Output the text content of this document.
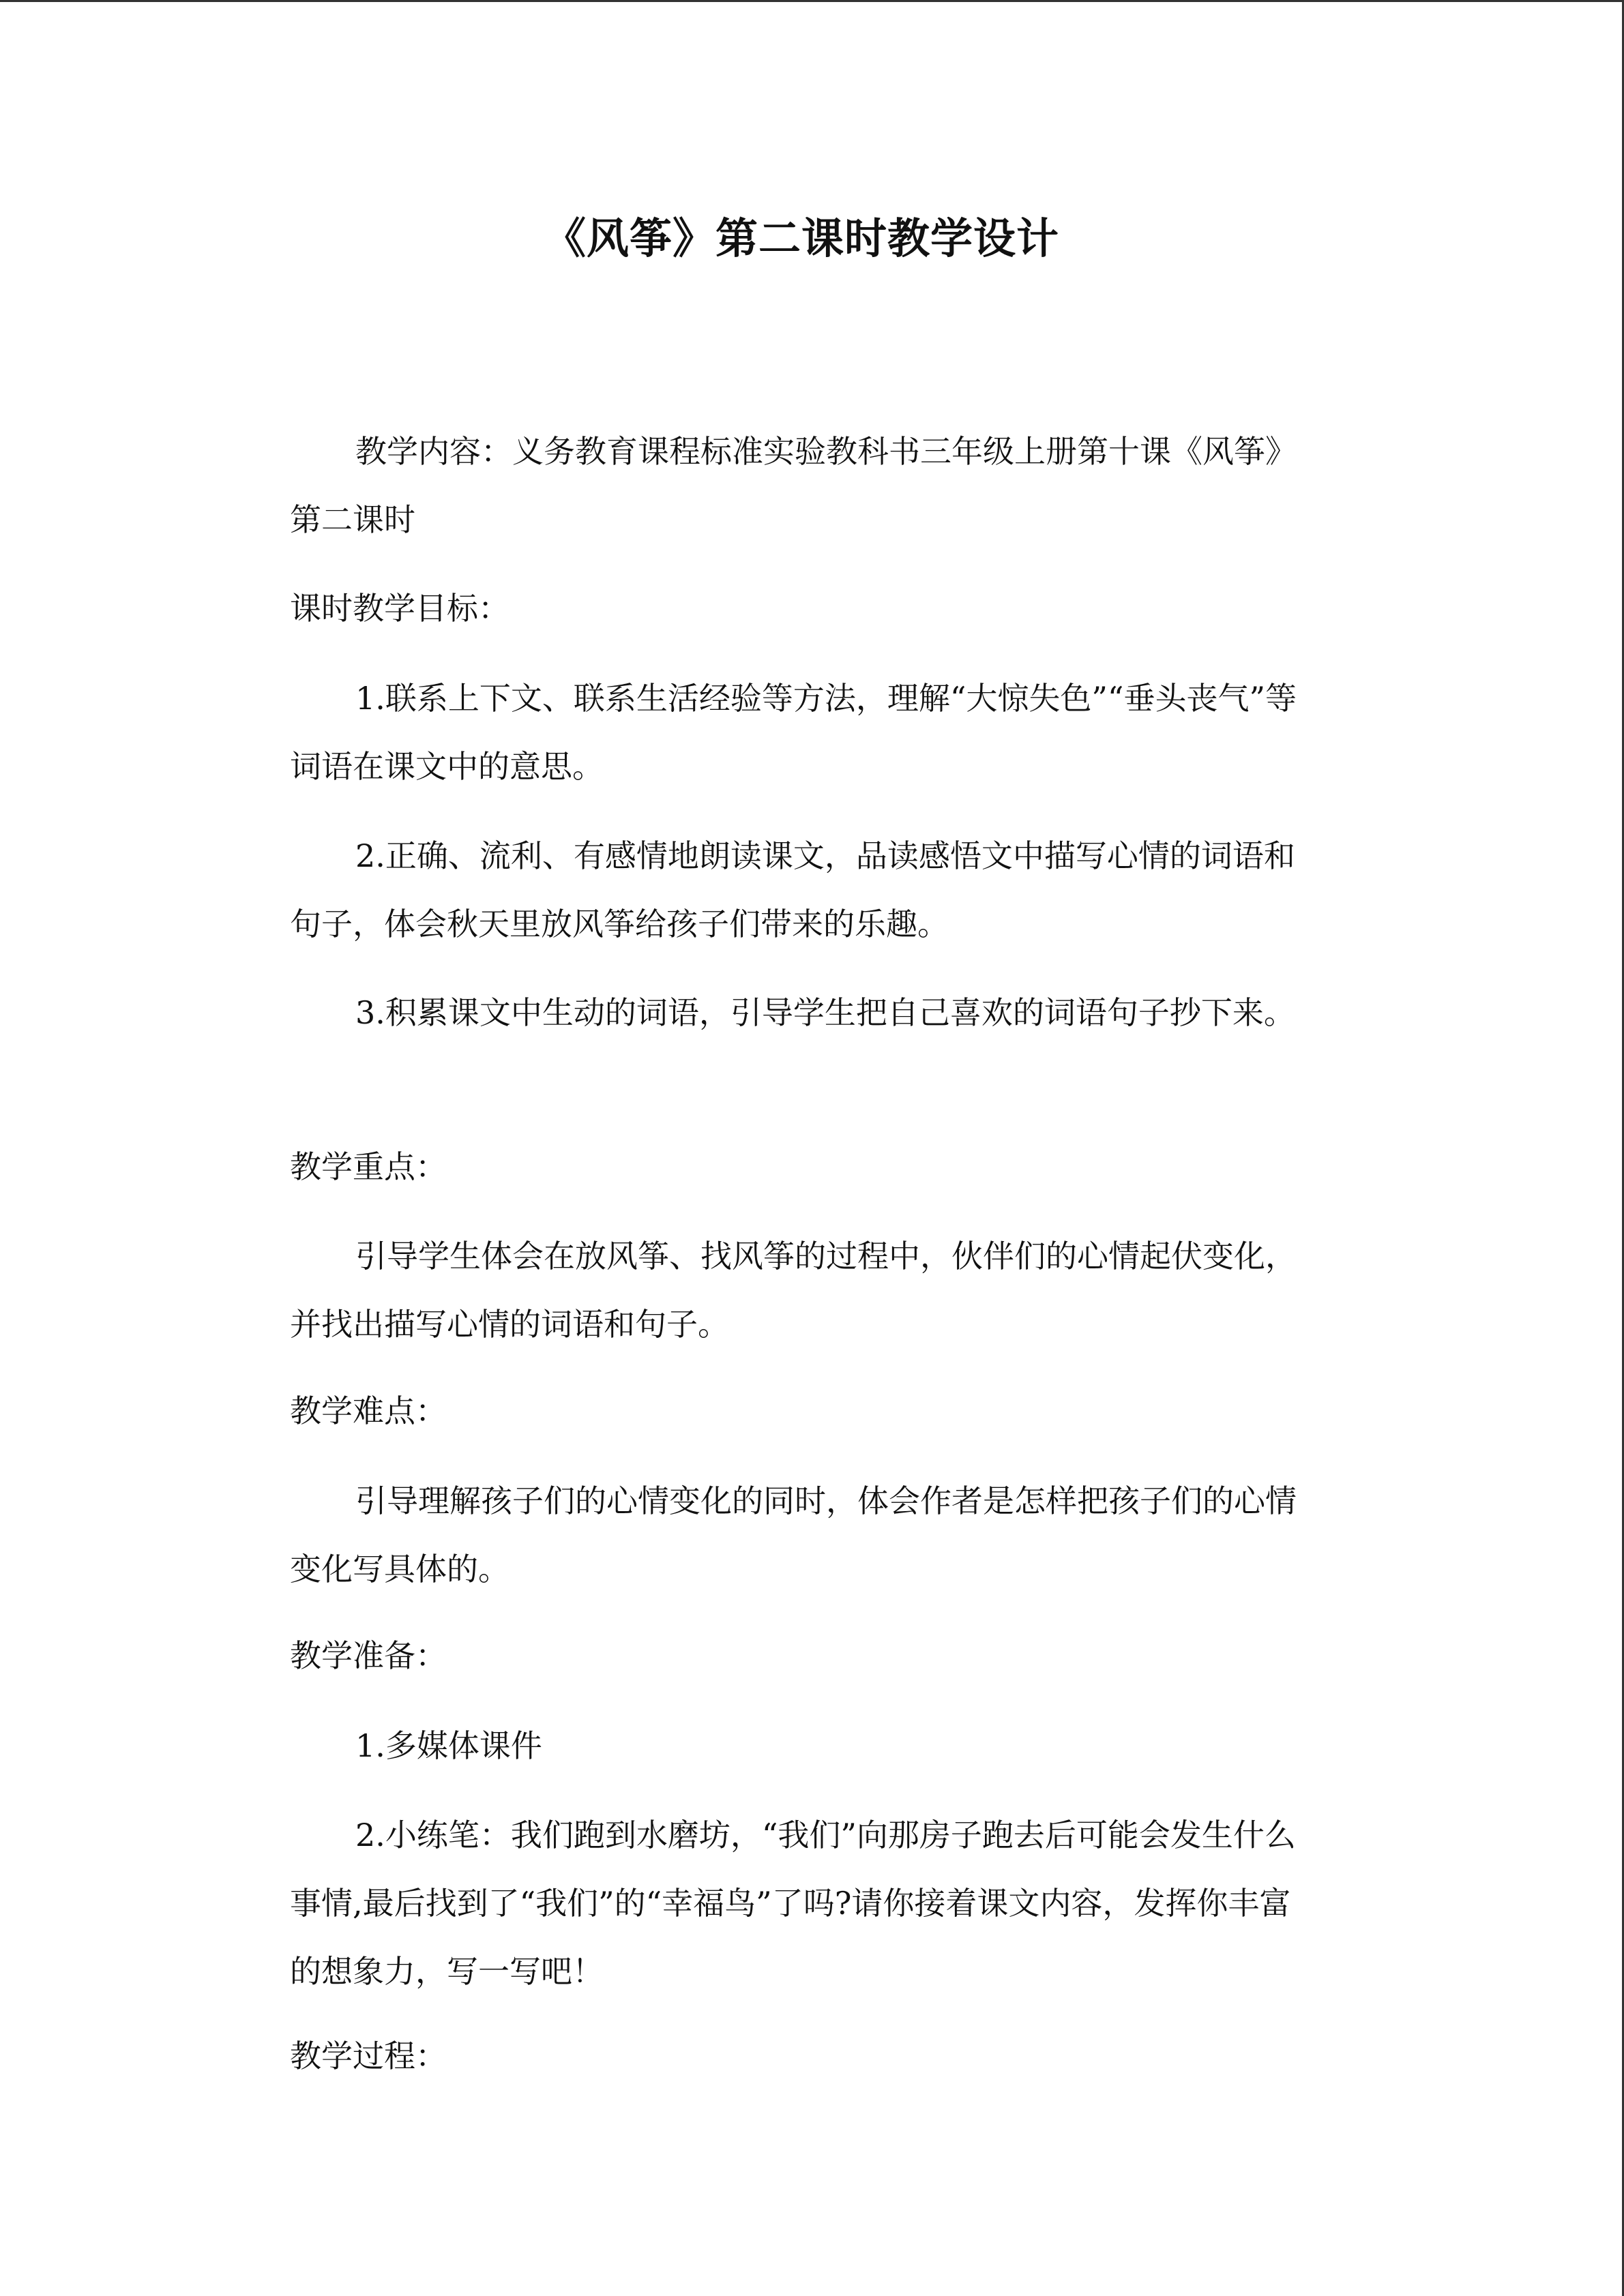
《风筝》第二课时教学设计

教学内容：义务教育课程标准实验教科书三年级上册第十课《风筝》第二课时

课时教学目标：

1.联系上下文、联系生活经验等方法，理解“大惊失色”“垂头丧气”等词语在课文中的意思。

2.正确、流利、有感情地朗读课文，品读感悟文中描写心情的词语和句子，体会秋天里放风筝给孩子们带来的乐趣。

3.积累课文中生动的词语，引导学生把自己喜欢的词语句子抄下来。

教学重点：

引导学生体会在放风筝、找风筝的过程中，伙伴们的心情起伏变化，并找出描写心情的词语和句子。

教学难点：

引导理解孩子们的心情变化的同时，体会作者是怎样把孩子们的心情变化写具体的。

教学准备：

1.多媒体课件

2.小练笔：我们跑到水磨坊，“我们”向那房子跑去后可能会发生什么事情,最后找到了“我们”的“幸福鸟”了吗?请你接着课文内容，发挥你丰富的想象力，写一写吧！

教学过程：
